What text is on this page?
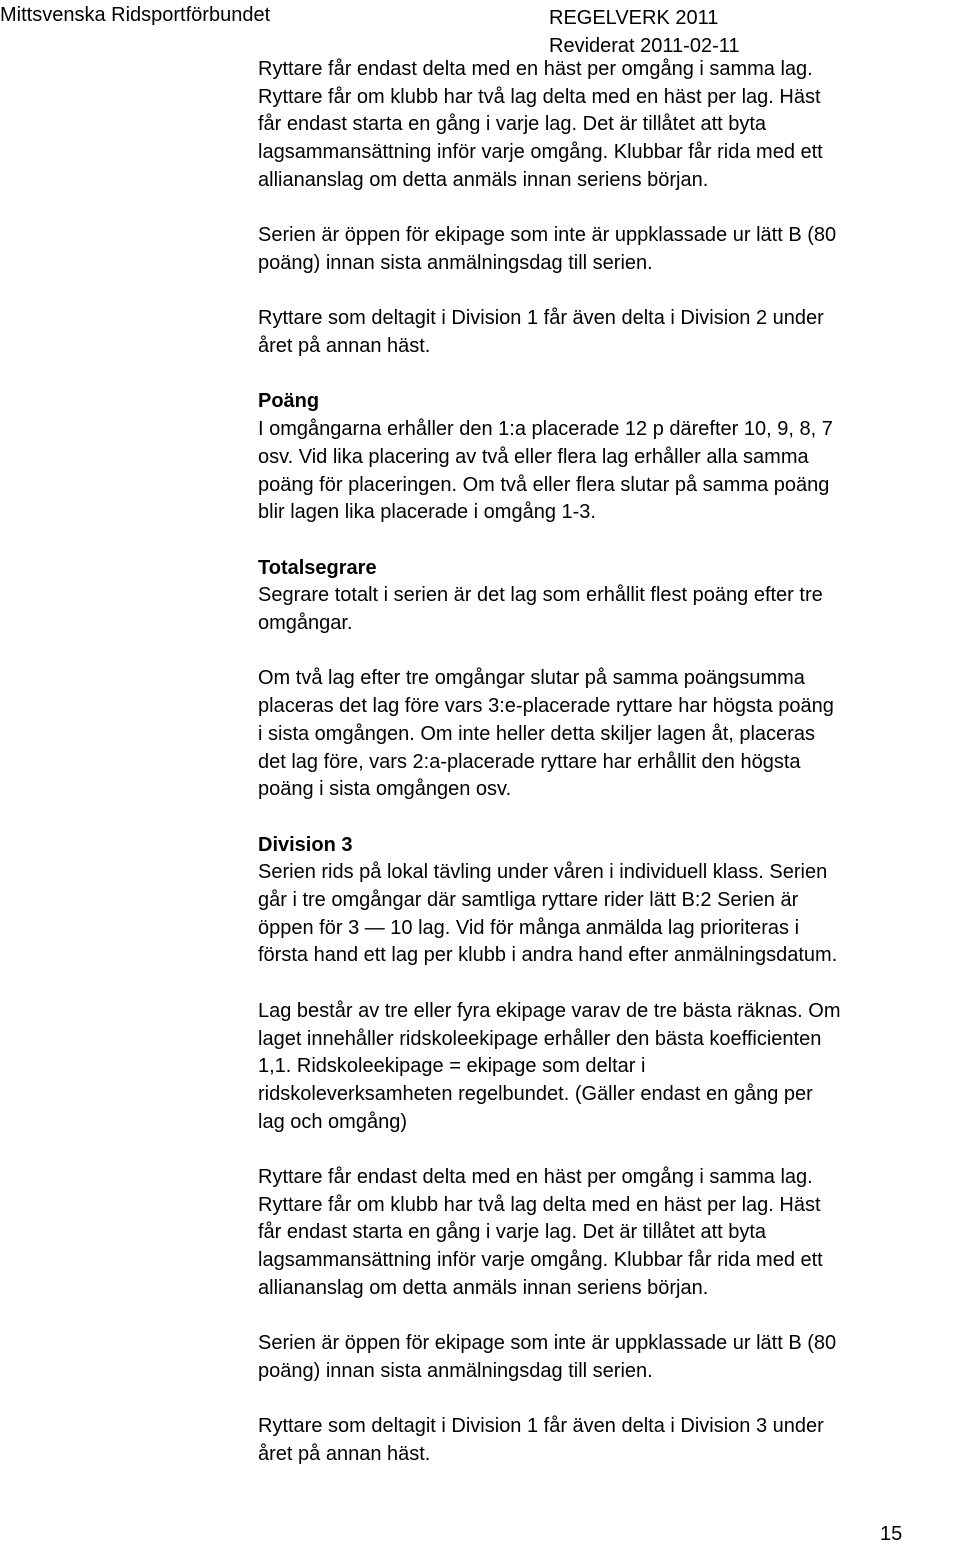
Mittsvenska Ridsportförbundet	REGELVERK 2011
Reviderat 2011-02-11

Ryttare får endast delta med en häst per omgång i samma lag.
Ryttare får om klubb har två lag delta med en häst per lag. Häst
får endast starta en gång i varje lag. Det är tillåtet att byta
lagsammansättning inför varje omgång. Klubbar får rida med ett
alliananslag om detta anmäls innan seriens början.

Serien är öppen för ekipage som inte är uppklassade ur lätt B (80
poäng) innan sista anmälningsdag till serien.

Ryttare som deltagit i Division 1 får även delta i Division 2 under
året på annan häst.

Poäng
I omgångarna erhåller den 1:a placerade 12 p därefter 10, 9, 8, 7
osv. Vid lika placering av två eller flera lag erhåller alla samma
poäng för placeringen. Om två eller flera slutar på samma poäng
blir lagen lika placerade i omgång 1-3.

Totalsegrare
Segrare totalt i serien är det lag som erhållit flest poäng efter tre
omgångar.

Om två lag efter tre omgångar slutar på samma poängsumma
placeras det lag före vars 3:e-placerade ryttare har högsta poäng
i sista omgången. Om inte heller detta skiljer lagen åt, placeras
det lag före, vars 2:a-placerade ryttare har erhållit den högsta
poäng i sista omgången osv.

Division 3
Serien rids på lokal tävling under våren i individuell klass. Serien
går i tre omgångar där samtliga ryttare rider lätt B:2 Serien är
öppen för 3 — 10 lag. Vid för många anmälda lag prioriteras i
första hand ett lag per klubb i andra hand efter anmälningsdatum.

Lag består av tre eller fyra ekipage varav de tre bästa räknas. Om
laget innehåller ridskoleekipage erhåller den bästa koefficienten
1,1. Ridskoleekipage = ekipage som deltar i
ridskoleverksamheten regelbundet. (Gäller endast en gång per
lag och omgång)

Ryttare får endast delta med en häst per omgång i samma lag.
Ryttare får om klubb har två lag delta med en häst per lag. Häst
får endast starta en gång i varje lag. Det är tillåtet att byta
lagsammansättning inför varje omgång. Klubbar får rida med ett
alliananslag om detta anmäls innan seriens början.

Serien är öppen för ekipage som inte är uppklassade ur lätt B (80
poäng) innan sista anmälningsdag till serien.

Ryttare som deltagit i Division 1 får även delta i Division 3 under
året på annan häst.

15
